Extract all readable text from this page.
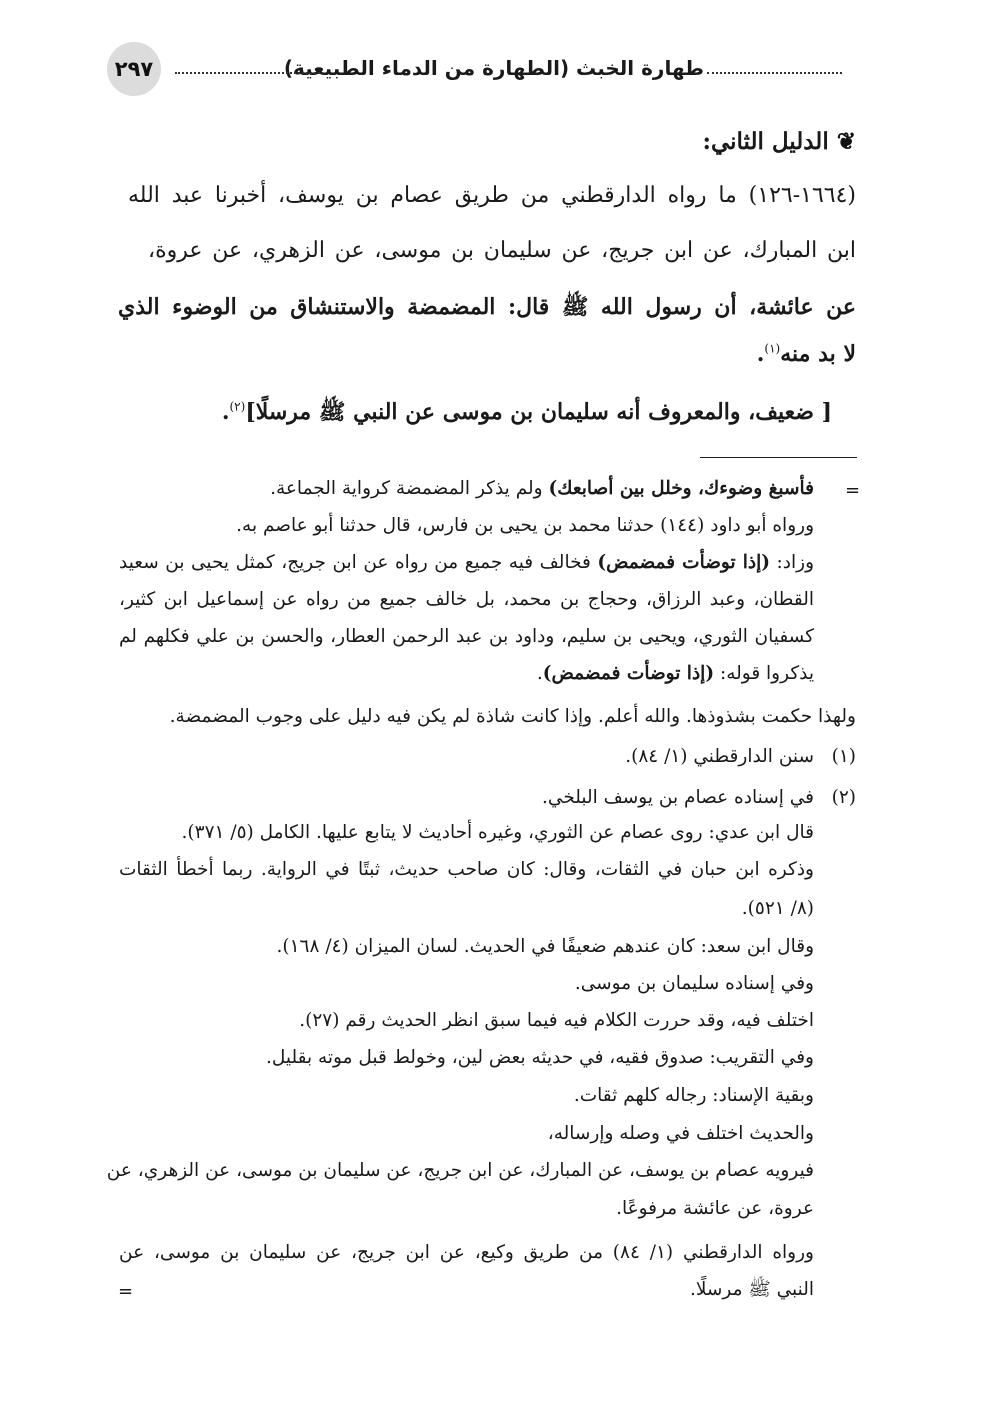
طهارة الخبث (الطهارة من الدماء الطبيعية)
٢٩٧
❦الدليل الثاني:
(١٦٦٤-١٢٦) ما رواه الدارقطني من طريق عصام بن يوسف، أخبرنا عبد الله
ابن المبارك، عن ابن جريج، عن سليمان بن موسى، عن الزهري، عن عروة،
عن عائشة، أن رسول الله ﷺ قال: المضمضة والاستنشاق من الوضوء الذي
لا بد منه$^{(١)}$.
[ ضعيف، والمعروف أنه سليمان بن موسى عن النبي ﷺ مرسلًا]$^{(٢)}$.
=
فأسبغ وضوءك، وخلل بين أصابعك) ولم يذكر المضمضة كرواية الجماعة.
ورواه أبو داود (١٤٤) حدثنا محمد بن يحيى بن فارس، قال حدثنا أبو عاصم به.
وزاد: (إذا توضأت فمضمض) فخالف فيه جميع من رواه عن ابن جريج، كمثل يحيى بن سعيد
القطان، وعبد الرزاق، وحجاج بن محمد، بل خالف جميع من رواه عن إسماعيل ابن كثير،
كسفيان الثوري، ويحيى بن سليم، وداود بن عبد الرحمن العطار، والحسن بن علي فكلهم لم
يذكروا قوله: (إذا توضأت فمضمض).
ولهذا حكمت بشذوذها. والله أعلم. وإذا كانت شاذة لم يكن فيه دليل على وجوب المضمضة.
(١)
سنن الدارقطني (١/ ٨٤).
(٢)
في إسناده عصام بن يوسف البلخي.
قال ابن عدي: روى عصام عن الثوري، وغيره أحاديث لا يتابع عليها. الكامل (٥/ ٣٧١).
وذكره ابن حبان في الثقات، وقال: كان صاحب حديث، ثبتًا في الرواية. ربما أخطأ الثقات
(٨/ ٥٢١).
وقال ابن سعد: كان عندهم ضعيفًا في الحديث. لسان الميزان (٤/ ١٦٨).
وفي إسناده سليمان بن موسى.
اختلف فيه، وقد حررت الكلام فيه فيما سبق انظر الحديث رقم (٢٧).
وفي التقريب: صدوق فقيه، في حديثه بعض لين، وخولط قبل موته بقليل.
وبقية الإسناد: رجاله كلهم ثقات.
والحديث اختلف في وصله وإرساله،
فيرويه عصام بن يوسف، عن المبارك، عن ابن جريج، عن سليمان بن موسى، عن الزهري، عن
عروة، عن عائشة مرفوعًا.
ورواه الدارقطني (١/ ٨٤) من طريق وكيع، عن ابن جريج، عن سليمان بن موسى، عن
النبي ﷺ مرسلًا.
=
